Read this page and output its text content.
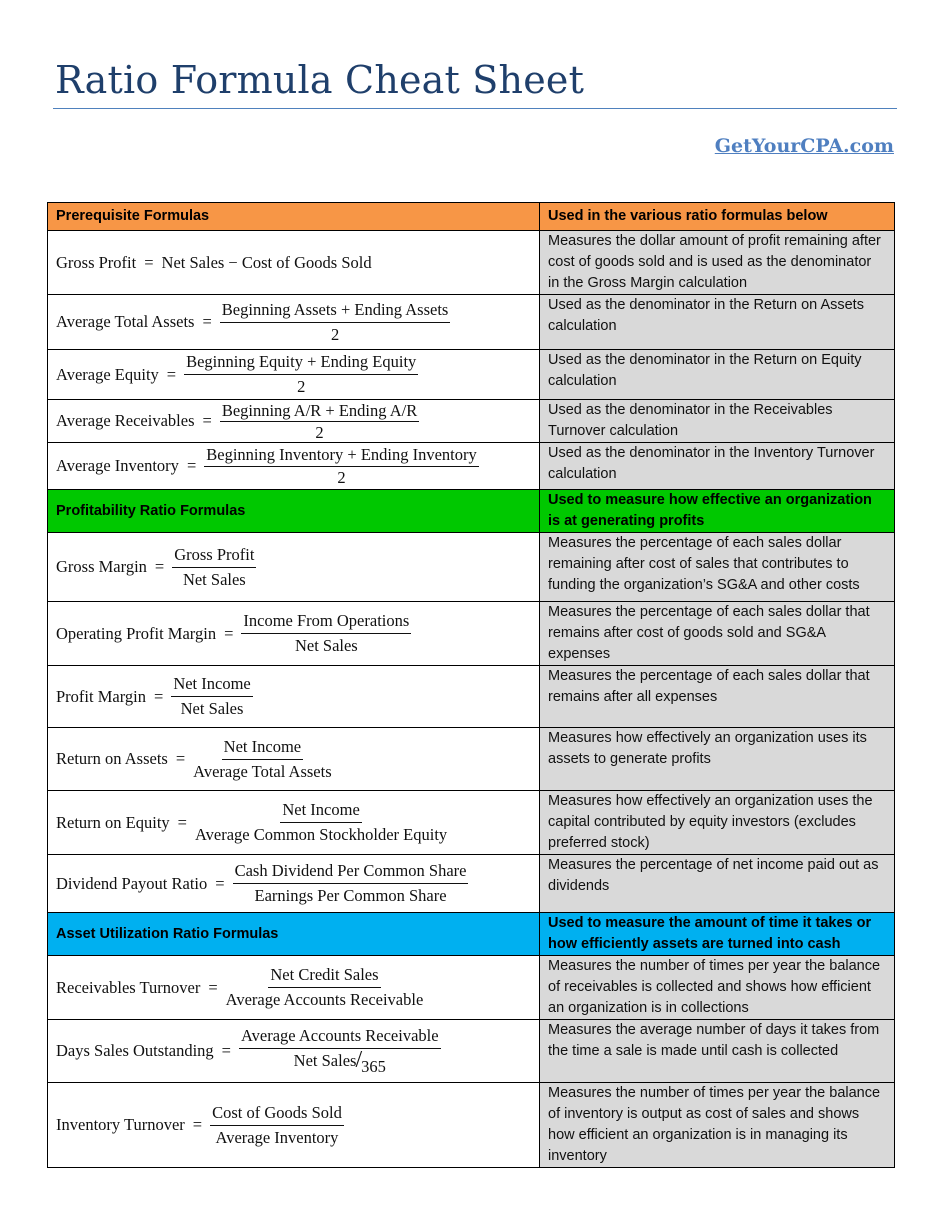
Ratio Formula Cheat Sheet
GetYourCPA.com
Prerequisite Formulas	Used in the various ratio formulas below

Gross Profit = Net Sales − Cost of Goods Sold	Measures the dollar amount of profit remaining after cost of goods sold and is used as the denominator in the Gross Margin calculation

Average Total Assets = $\frac{\text{Beginning Assets + Ending Assets}}{2}$	Used as the denominator in the Return on Assets calculation

Average Equity = $\frac{\text{Beginning Equity + Ending Equity}}{2}$	Used as the denominator in the Return on Equity calculation

Average Receivables = $\frac{\text{Beginning A/R + Ending A/R}}{2}$	Used as the denominator in the Receivables Turnover calculation

Average Inventory = $\frac{\text{Beginning Inventory + Ending Inventory}}{2}$	Used as the denominator in the Inventory Turnover calculation
Profitability Ratio Formulas	Used to measure how effective an organization is at generating profits

Gross Margin = $\frac{\text{Gross Profit}}{\text{Net Sales}}$	Measures the percentage of each sales dollar remaining after cost of sales that contributes to funding the organization’s SG&A and other costs

Operating Profit Margin = $\frac{\text{Income From Operations}}{\text{Net Sales}}$	Measures the percentage of each sales dollar that remains after cost of goods sold and SG&A expenses

Profit Margin = $\frac{\text{Net Income}}{\text{Net Sales}}$	Measures the percentage of each sales dollar that remains after all expenses

Return on Assets = $\frac{\text{Net Income}}{\text{Average Total Assets}}$	Measures how effectively an organization uses its assets to generate profits

Return on Equity = $\frac{\text{Net Income}}{\text{Average Common Stockholder Equity}}$	Measures how effectively an organization uses the capital contributed by equity investors (excludes preferred stock)

Dividend Payout Ratio = $\frac{\text{Cash Dividend Per Common Share}}{\text{Earnings Per Common Share}}$	Measures the percentage of net income paid out as dividends
Asset Utilization Ratio Formulas	Used to measure the amount of time it takes or how efficiently assets are turned into cash

Receivables Turnover = $\frac{\text{Net Credit Sales}}{\text{Average Accounts Receivable}}$	Measures the number of times per year the balance of receivables is collected and shows how efficient an organization is in collections

Days Sales Outstanding = $\frac{\text{Average Accounts Receivable}}{\text{Net Sales/365}}$	Measures the average number of days it takes from the time a sale is made until cash is collected

Inventory Turnover = $\frac{\text{Cost of Goods Sold}}{\text{Average Inventory}}$	Measures the number of times per year the balance of inventory is output as cost of sales and shows how efficient an organization is in managing its inventory
